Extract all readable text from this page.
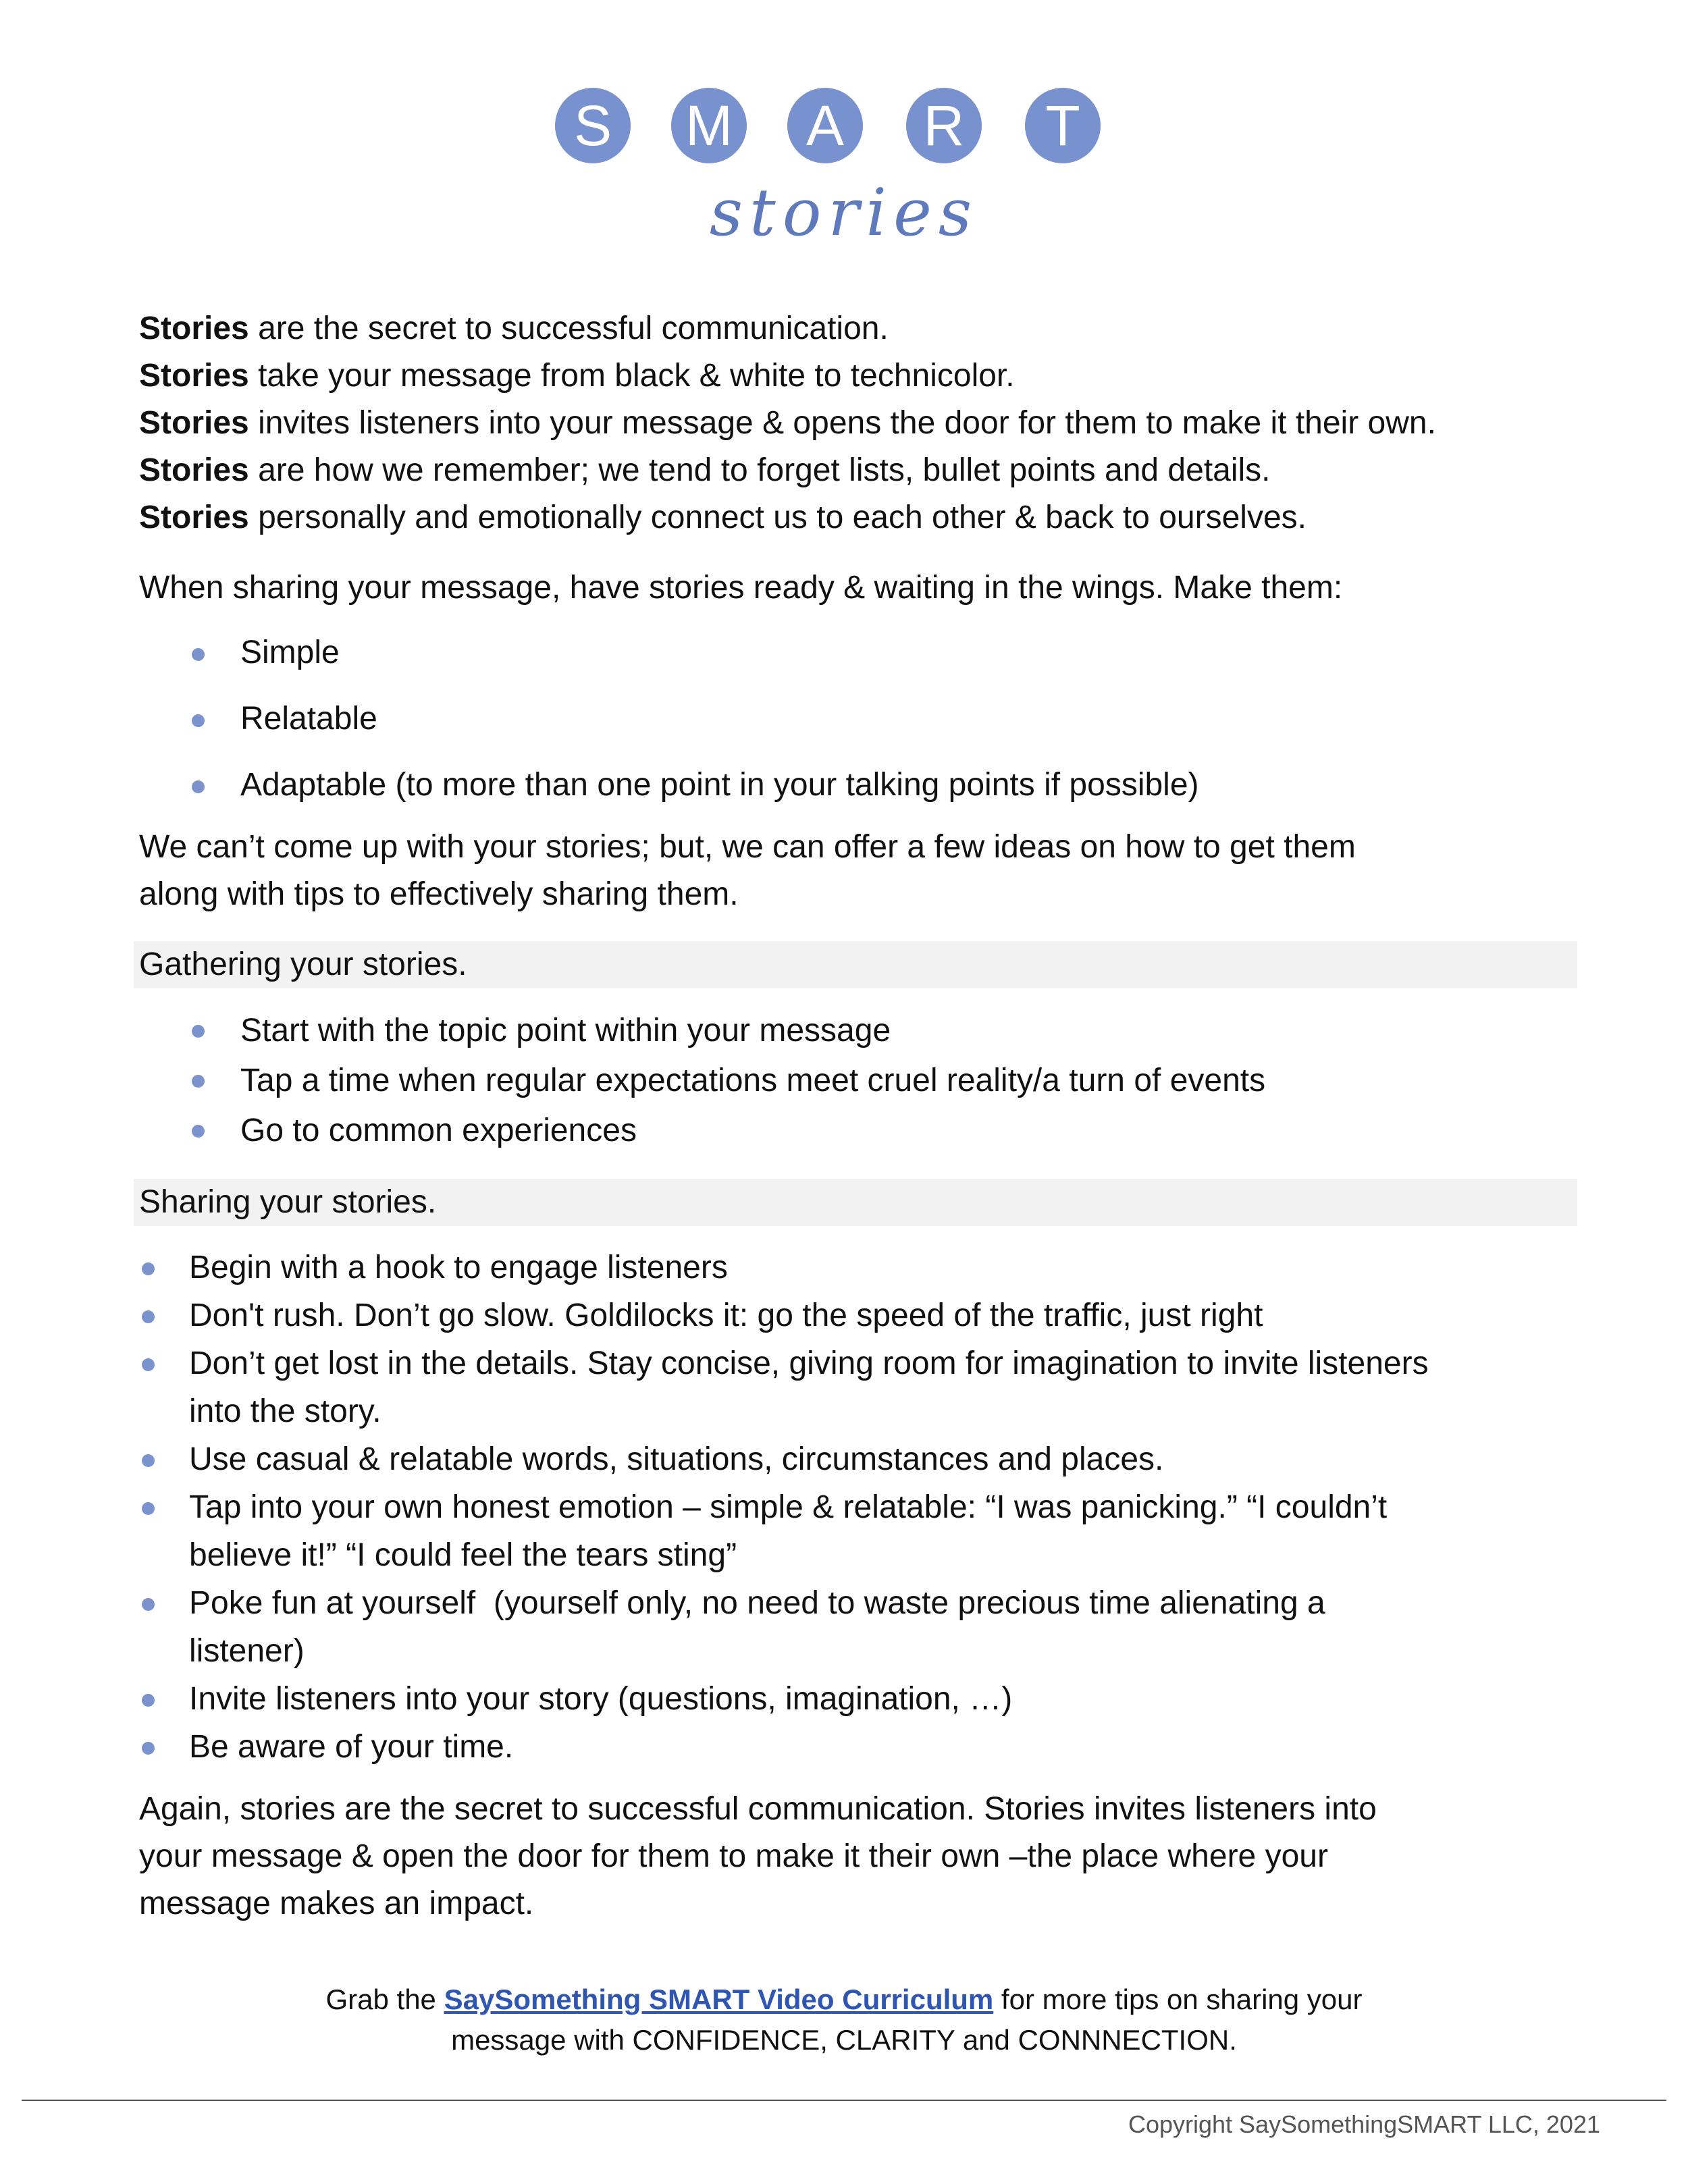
S	M	A	R	T
stories

Stories are the secret to successful communication.

Stories take your message from black & white to technicolor.

Stories invites listeners into your message & opens the door for them to make it their own.

Stories are how we remember; we tend to forget lists, bullet points and details.

Stories personally and emotionally connect us to each other & back to ourselves.

When sharing your message, have stories ready & waiting in the wings. Make them:

Simple
Relatable
Adaptable (to more than one point in your talking points if possible)

We can’t come up with your stories; but, we can offer a few ideas on how to get them

along with tips to effectively sharing them.

Gathering your stories.
Start with the topic point within your message
Tap a time when regular expectations meet cruel reality/a turn of events
Go to common experiences
Sharing your stories.
Begin with a hook to engage listeners
Don't rush. Don’t go slow. Goldilocks it: go the speed of the traffic, just right
Don’t get lost in the details. Stay concise, giving room for imagination to invite listeners
into the story.
Use casual & relatable words, situations, circumstances and places.
Tap into your own honest emotion – simple & relatable: “I was panicking.” “I couldn’t
believe it!” “I could feel the tears sting”
Poke fun at yourself  (yourself only, no need to waste precious time alienating a
listener)
Invite listeners into your story (questions, imagination, …)
Be aware of your time.

Again, stories are the secret to successful communication. Stories invites listeners into

your message & open the door for them to make it their own –the place where your

message makes an impact.

Grab the SaySomething SMART Video Curriculum for more tips on sharing your
message with CONFIDENCE, CLARITY and CONNNECTION.
Copyright SaySomethingSMART LLC, 2021
